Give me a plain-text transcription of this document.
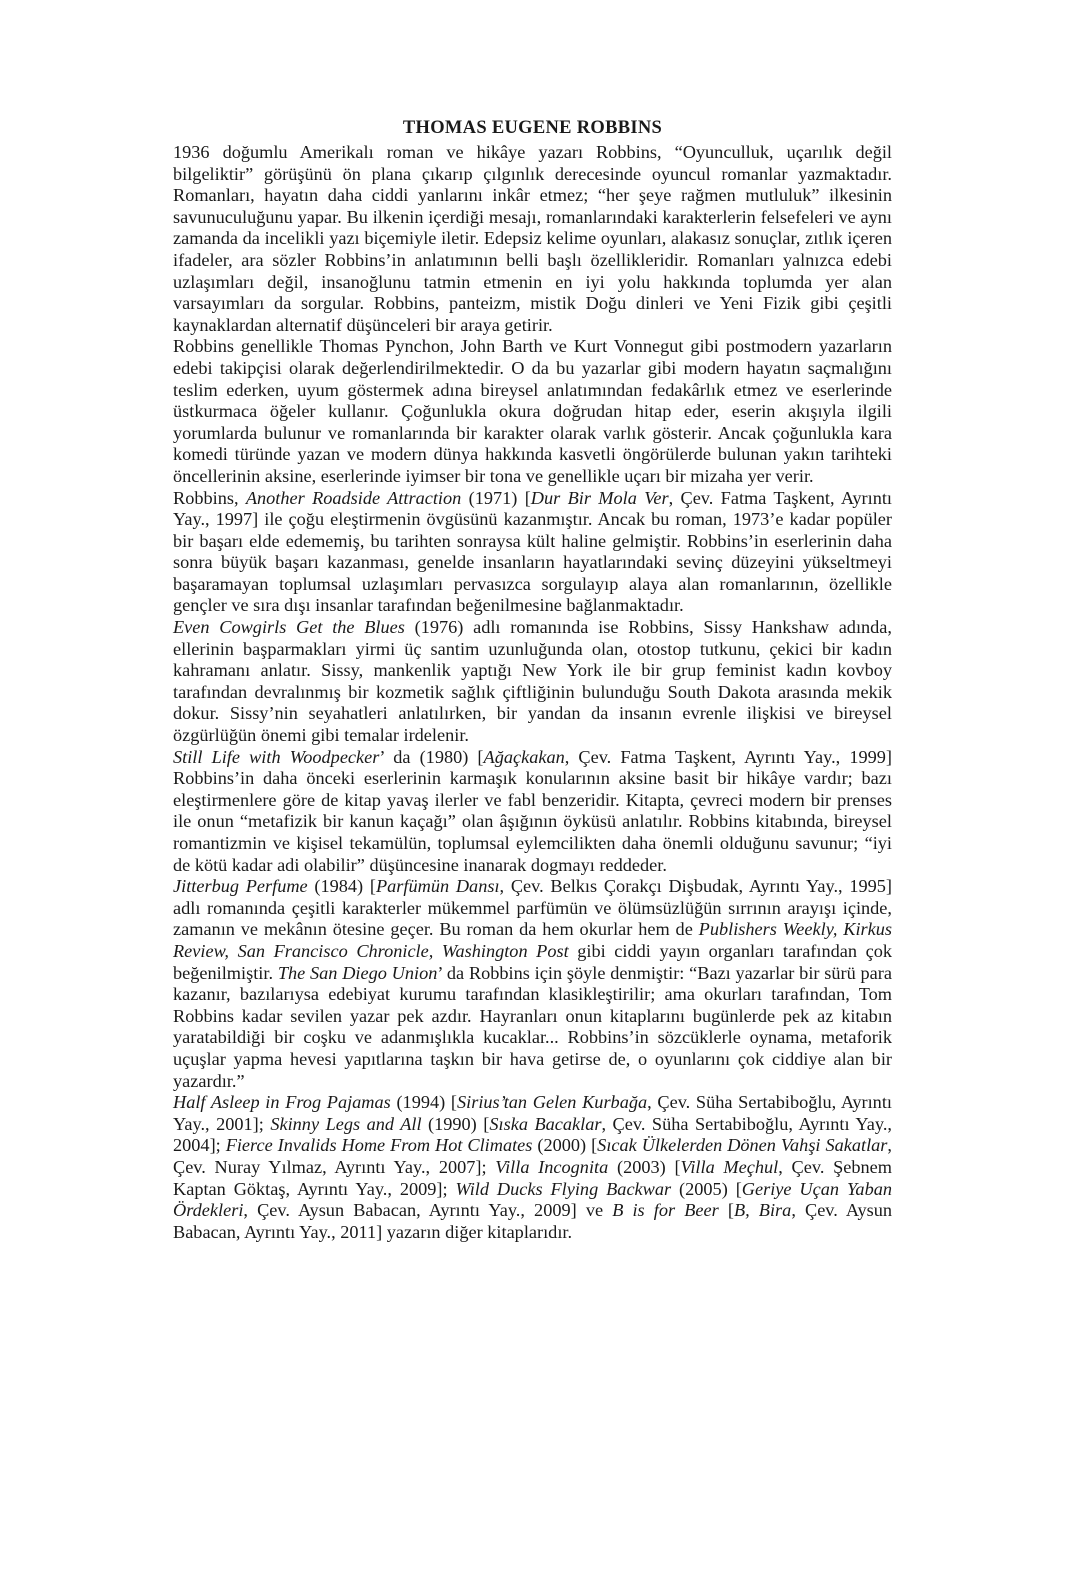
THOMAS EUGENE ROBBINS

1936 doğumlu Amerikalı roman ve hikâye yazarı Robbins, “Oyunculluk, uçarılık değil bilgeliktir” görüşünü ön plana çıkarıp çılgınlık derecesinde oyuncul romanlar yazmaktadır. Romanları, hayatın daha ciddi yanlarını inkâr etmez; “her şeye rağmen mutluluk” ilkesinin savunuculuğunu yapar. Bu ilkenin içerdiği mesajı, romanlarındaki karakterlerin felsefeleri ve aynı zamanda da incelikli yazı biçemiyle iletir. Edepsiz kelime oyunları, alakasız sonuçlar, zıtlık içeren ifadeler, ara sözler Robbins’in anlatımının belli başlı özellikleridir. Romanları yalnızca edebi uzlaşımları değil, insanoğlunu tatmin etmenin en iyi yolu hakkında toplumda yer alan varsayımları da sorgular. Robbins, panteizm, mistik Doğu dinleri ve Yeni Fizik gibi çeşitli kaynaklardan alternatif düşünceleri bir araya getirir.

Robbins genellikle Thomas Pynchon, John Barth ve Kurt Vonnegut gibi postmodern yazarların edebi takipçisi olarak değerlendirilmektedir. O da bu yazarlar gibi modern hayatın saçmalığını teslim ederken, uyum göstermek adına bireysel anlatımından fedakârlık etmez ve eserlerinde üstkurmaca öğeler kullanır. Çoğunlukla okura doğrudan hitap eder, eserin akışıyla ilgili yorumlarda bulunur ve romanlarında bir karakter olarak varlık gösterir. Ancak çoğunlukla kara komedi türünde yazan ve modern dünya hakkında kasvetli öngörülerde bulunan yakın tarihteki öncellerinin aksine, eserlerinde iyimser bir tona ve genellikle uçarı bir mizaha yer verir.

Robbins, Another Roadside Attraction (1971) [Dur Bir Mola Ver, Çev. Fatma Taşkent, Ayrıntı Yay., 1997] ile çoğu eleştirmenin övgüsünü kazanmıştır. Ancak bu roman, 1973’e kadar popüler bir başarı elde edememiş, bu tarihten sonraysa kült haline gelmiştir. Robbins’in eserlerinin daha sonra büyük başarı kazanması, genelde insanların hayatlarındaki sevinç düzeyini yükseltmeyi başaramayan toplumsal uzlaşımları pervasızca sorgulayıp alaya alan romanlarının, özellikle gençler ve sıra dışı insanlar tarafından beğenilmesine bağlanmaktadır.

Even Cowgirls Get the Blues (1976) adlı romanında ise Robbins, Sissy Hankshaw adında, ellerinin başparmakları yirmi üç santim uzunluğunda olan, otostop tutkunu, çekici bir kadın kahramanı anlatır. Sissy, mankenlik yaptığı New York ile bir grup feminist kadın kovboy tarafından devralınmış bir kozmetik sağlık çiftliğinin bulunduğu South Dakota arasında mekik dokur. Sissy’nin seyahatleri anlatılırken, bir yandan da insanın evrenle ilişkisi ve bireysel özgürlüğün önemi gibi temalar irdelenir.

Still Life with Woodpecker’ da (1980) [Ağaçkakan, Çev. Fatma Taşkent, Ayrıntı Yay., 1999] Robbins’in daha önceki eserlerinin karmaşık konularının aksine basit bir hikâye vardır; bazı eleştirmenlere göre de kitap yavaş ilerler ve fabl benzeridir. Kitapta, çevreci modern bir prenses ile onun “metafizik bir kanun kaçağı” olan âşığının öyküsü anlatılır. Robbins kitabında, bireysel romantizmin ve kişisel tekamülün, toplumsal eylemcilikten daha önemli olduğunu savunur; “iyi de kötü kadar adi olabilir” düşüncesine inanarak dogmayı reddeder.

Jitterbug Perfume (1984) [Parfümün Dansı, Çev. Belkıs Çorakçı Dişbudak, Ayrıntı Yay., 1995] adlı romanında çeşitli karakterler mükemmel parfümün ve ölümsüzlüğün sırrının arayışı içinde, zamanın ve mekânın ötesine geçer. Bu roman da hem okurlar hem de Publishers Weekly, Kirkus Review, San Francisco Chronicle, Washington Post gibi ciddi yayın organları tarafından çok beğenilmiştir. The San Diego Union’ da Robbins için şöyle denmiştir: “Bazı yazarlar bir sürü para kazanır, bazılarıysa edebiyat kurumu tarafından klasikleştirilir; ama okurları tarafından, Tom Robbins kadar sevilen yazar pek azdır. Hayranları onun kitaplarını bugünlerde pek az kitabın yaratabildiği bir coşku ve adanmışlıkla kucaklar... Robbins’in sözcüklerle oynama, metaforik uçuşlar yapma hevesi yapıtlarına taşkın bir hava getirse de, o oyunlarını çok ciddiye alan bir yazardır.”

Half Asleep in Frog Pajamas (1994) [Sirius’tan Gelen Kurbağa, Çev. Süha Sertabiboğlu, Ayrıntı Yay., 2001]; Skinny Legs and All (1990) [Sıska Bacaklar, Çev. Süha Sertabiboğlu, Ayrıntı Yay., 2004]; Fierce Invalids Home From Hot Climates (2000) [Sıcak Ülkelerden Dönen Vahşi Sakatlar, Çev. Nuray Yılmaz, Ayrıntı Yay., 2007]; Villa Incognita (2003) [Villa Meçhul, Çev. Şebnem Kaptan Göktaş, Ayrıntı Yay., 2009]; Wild Ducks Flying Backwar (2005) [Geriye Uçan Yaban Ördekleri, Çev. Aysun Babacan, Ayrıntı Yay., 2009] ve B is for Beer [B, Bira, Çev. Aysun Babacan, Ayrıntı Yay., 2011] yazarın diğer kitaplarıdır.
